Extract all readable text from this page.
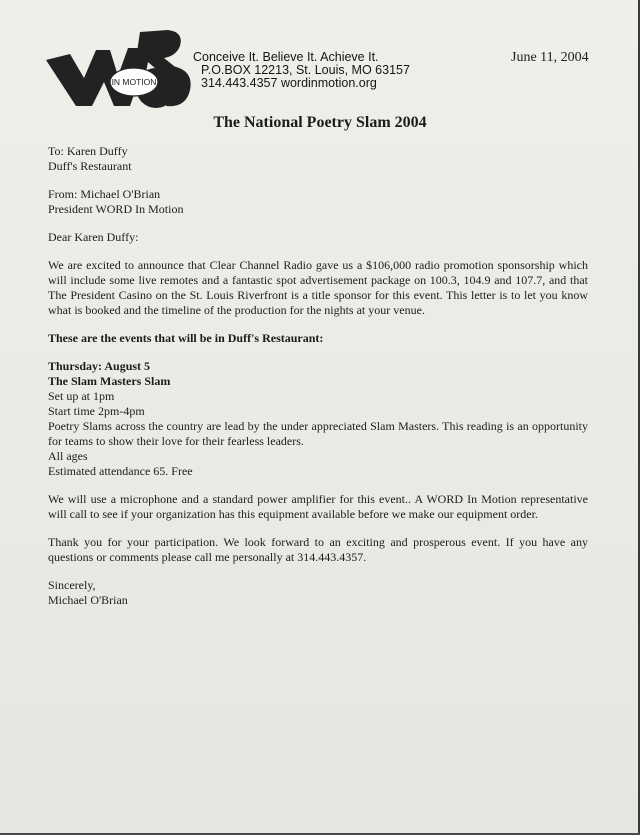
IN MOTION
Conceive It. Believe It. Achieve It.
P.O.BOX 12213, St. Louis, MO 63157
314.443.4357 wordinmotion.org
June 11, 2004
The National Poetry Slam 2004

To: Karen Duffy
Duff's Restaurant

From: Michael O'Brian
President WORD In Motion

Dear Karen Duffy:

We are excited to announce that Clear Channel Radio gave us a $106,000 radio promotion sponsorship which will include some live remotes and a fantastic spot advertisement package on 100.3, 104.9 and 107.7, and that The President Casino on the St. Louis Riverfront is a title sponsor for this event. This letter is to let you know what is booked and the timeline of the production for the nights at your venue.

These are the events that will be in Duff's Restaurant:

Thursday: August 5
The Slam Masters Slam
Set up at 1pm
Start time 2pm-4pm
Poetry Slams across the country are lead by the under appreciated Slam Masters. This reading is an opportunity for teams to show their love for their fearless leaders.
All ages
Estimated attendance 65. Free

We will use a microphone and a standard power amplifier for this event.. A WORD In Motion representative will call to see if your organization has this equipment available before we make our equipment order.

Thank you for your participation. We look forward to an exciting and prosperous event. If you have any questions or comments please call me personally at 314.443.4357.

Sincerely,
Michael O'Brian
